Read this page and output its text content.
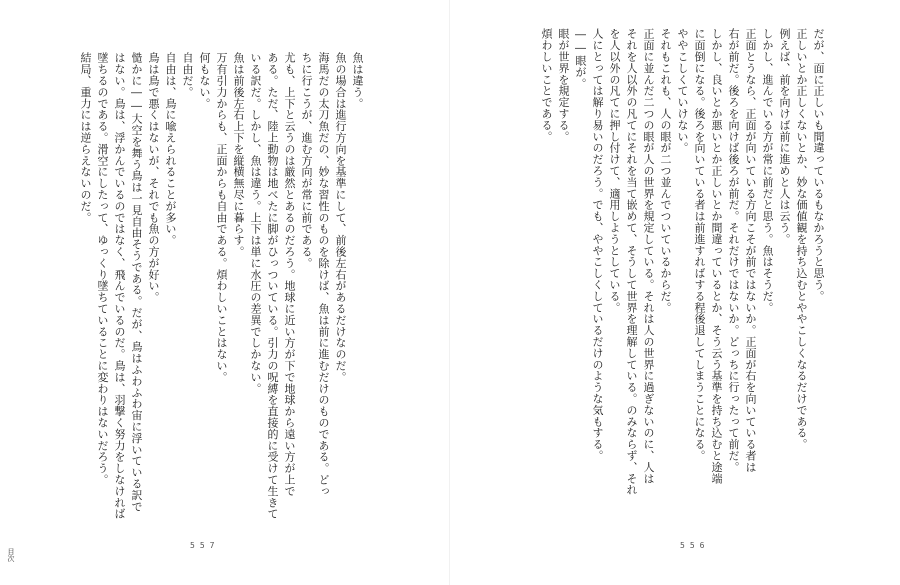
魚は違う。
魚の場合は進行方向を基準にして、前後左右があるだけなのだ。
海馬だの太刀魚だの、妙な習性のものを除けば、魚は前に進むだけのものである。どっ
ちに行こうが、進む方向が常に前である。
尤も、上下と云うのは厳然とあるのだろう。地球に近い方が下で地球から遠い方が上で
ある。ただ、陸上動物は地べたに脚がひっついている。引力の呪縛を直接的に受けて生きて
いる訳だ。しかし、魚は違う。上下は単に水圧の差異でしかない。
魚は前後左右上下を縦横無尽に暮らす。
万有引力からも、正面からも自由である。煩わしいことはない。
何もない。
自由だ。
自由は、鳥に喩えられることが多い。
鳥は鳥で悪くはないが、それでも魚の方が好い。
慥かに――大空を舞う鳥は一見自由そうである。だが、鳥はふわふわ宙に浮いている訳で
はない。鳥は、浮かんでいるのではなく、飛んでいるのだ。鳥は、羽撃く努力をしなければ
墜ちるのである。滑空にしたって、ゆっくり墜ちていることに変わりはないだろう。
結局、重力には逆らえないのだ。
557
だが、面に正しいも間違っているもなかろうと思う。
正しいとか正しくないとか、妙な価値観を持ち込むとややこしくなるだけである。
例えば、前を向けば前に進めと人は云う。
しかし、進んでいる方が常に前だと思う。魚はそうだ。
正面とうなら、正面が向いている方向こそが前ではないか。正面が右を向いている者は
右が前だ。後ろを向けば後ろが前だ。それだけではないか。どっちに行ったって前だ。
しかし、良いとか悪いとか正しいとか間違っているとか、そう云う基準を持ち込むと途端
に面倒になる。後ろを向いている者は前進すればする程後退してしまうことになる。
ややこしくていけない。
それもこれも、人の眼が二つ並んでついているからだ。
正面に並んだ二つの眼が人の世界を規定している。それは人の世界に過ぎないのに、人は
それを人以外の凡てにそれを当て嵌めて、そうして世界を理解している。のみならず、それ
を人以外の凡てに押し付けて、適用しようとしている。
人にとっては解り易いのだろう。でも、ややこしくしているだけのような気もする。
――眼が。
眼が世界を規定する。
煩わしいことである。
556
目次
